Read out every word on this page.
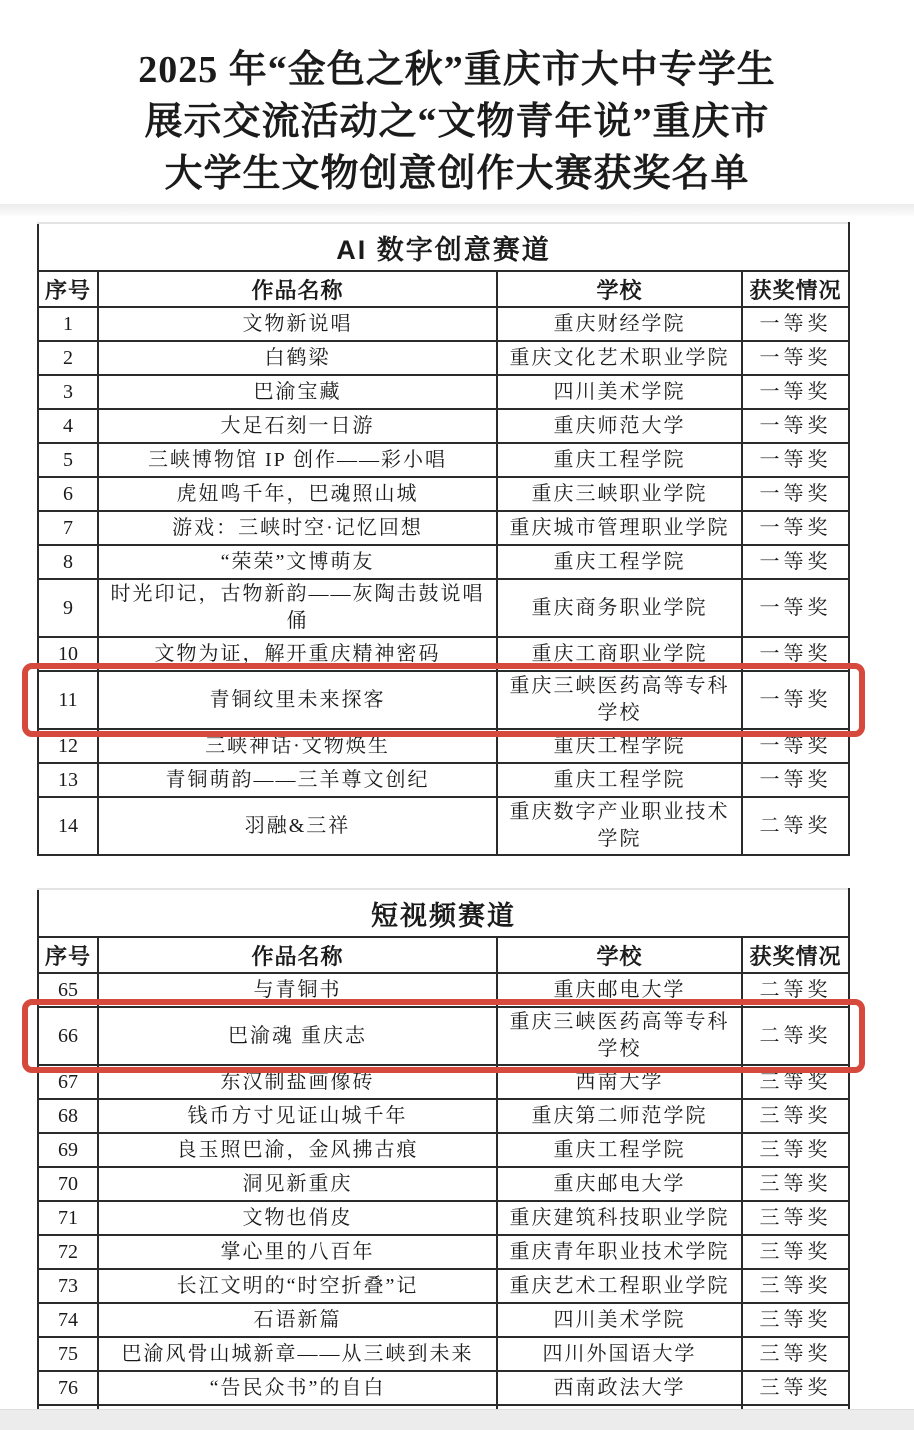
2025 年“金色之秋”重庆市大中专学生
展示交流活动之“文物青年说”重庆市
大学生文物创意创作大赛获奖名单
AI 数字创意赛道			
序号	作品名称	学校	获奖情况
1	文物新说唱	重庆财经学院	一等奖
2	白鹤梁	重庆文化艺术职业学院	一等奖
3	巴渝宝藏	四川美术学院	一等奖
4	大足石刻一日游	重庆师范大学	一等奖
5	三峡博物馆 IP 创作——彩小唱	重庆工程学院	一等奖
6	虎妞鸣千年，巴魂照山城	重庆三峡职业学院	一等奖
7	游戏：三峡时空·记忆回想	重庆城市管理职业学院	一等奖
8	“荣荣”文博萌友	重庆工程学院	一等奖
9	时光印记，古物新韵——灰陶击鼓说唱俑	重庆商务职业学院	一等奖
10	文物为证，解开重庆精神密码	重庆工商职业学院	一等奖
11	青铜纹里未来探客	重庆三峡医药高等专科学校	一等奖
12	三峡神话·文物焕生	重庆工程学院	一等奖
13	青铜萌韵——三羊尊文创纪	重庆工程学院	一等奖
14	羽融&三祥	重庆数字产业职业技术学院	二等奖
短视频赛道			
序号	作品名称	学校	获奖情况
65	与青铜书	重庆邮电大学	二等奖
66	巴渝魂 重庆志	重庆三峡医药高等专科学校	二等奖
67	东汉制盐画像砖	西南大学	三等奖
68	钱币方寸见证山城千年	重庆第二师范学院	三等奖
69	良玉照巴渝，金风拂古痕	重庆工程学院	三等奖
70	洞见新重庆	重庆邮电大学	三等奖
71	文物也俏皮	重庆建筑科技职业学院	三等奖
72	掌心里的八百年	重庆青年职业技术学院	三等奖
73	长江文明的“时空折叠”记	重庆艺术工程职业学院	三等奖
74	石语新篇	四川美术学院	三等奖
75	巴渝风骨山城新章——从三峡到未来	四川外国语大学	三等奖
76	“告民众书”的自白	西南政法大学	三等奖
